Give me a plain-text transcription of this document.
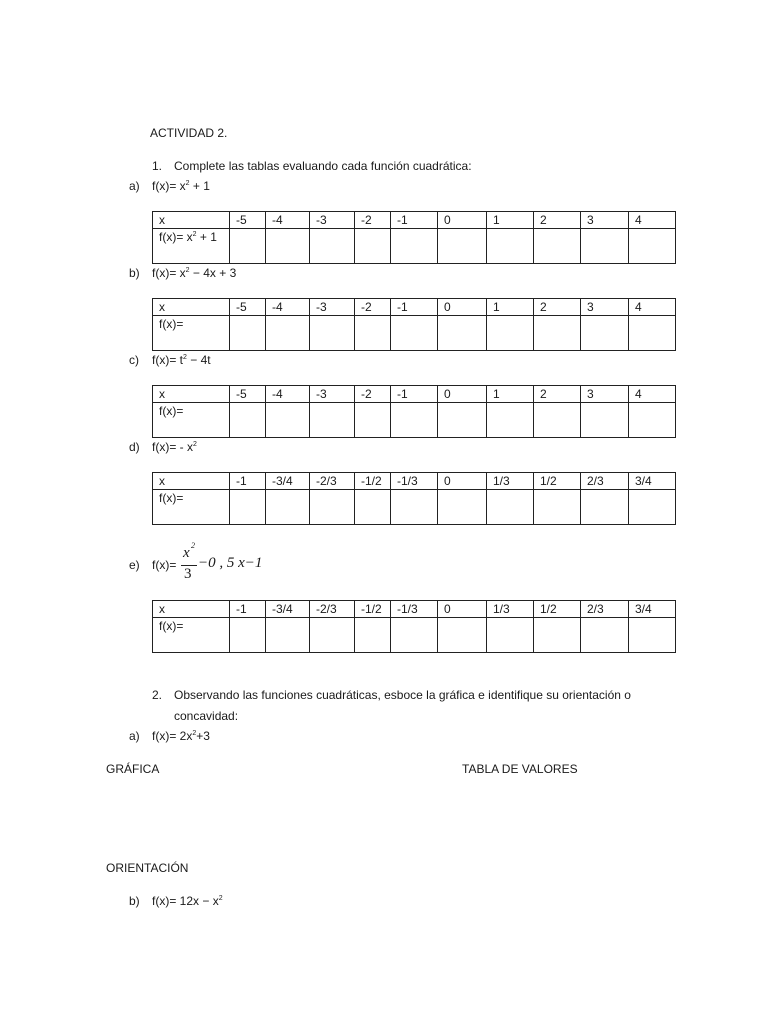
ACTIVIDAD 2.
1. Complete las tablas evaluando cada función cuadrática:
a) $f(x)= x^2 + 1$
b) $f(x)= x^2 - 4x + 3$
c) $f(x)= t^2 - 4t$
d) $f(x)= - x^2$
e) f(x)=
x 2
3
−0 , 5 x−1
x	-5	-4	-3	-2	-1	0	1	2	3	4
$f(x)= x^2 + 1$										
x	-5	-4	-3	-2	-1	0	1	2	3	4
f(x)=										
x	-5	-4	-3	-2	-1	0	1	2	3	4
f(x)=										
x	-1	-3/4	-2/3	-1/2	-1/3	0	1/3	1/2	2/3	3/4
f(x)=										
x	-1	-3/4	-2/3	-1/2	-1/3	0	1/3	1/2	2/3	3/4
f(x)=										
2. Observando las funciones cuadráticas, esboce la gráfica e identifique su orientación o
concavidad:
a) $f(x)= 2x^2+3$
GRÁFICA	TABLA DE VALORES
ORIENTACIÓN
b) $f(x)= 12x - x^2$
